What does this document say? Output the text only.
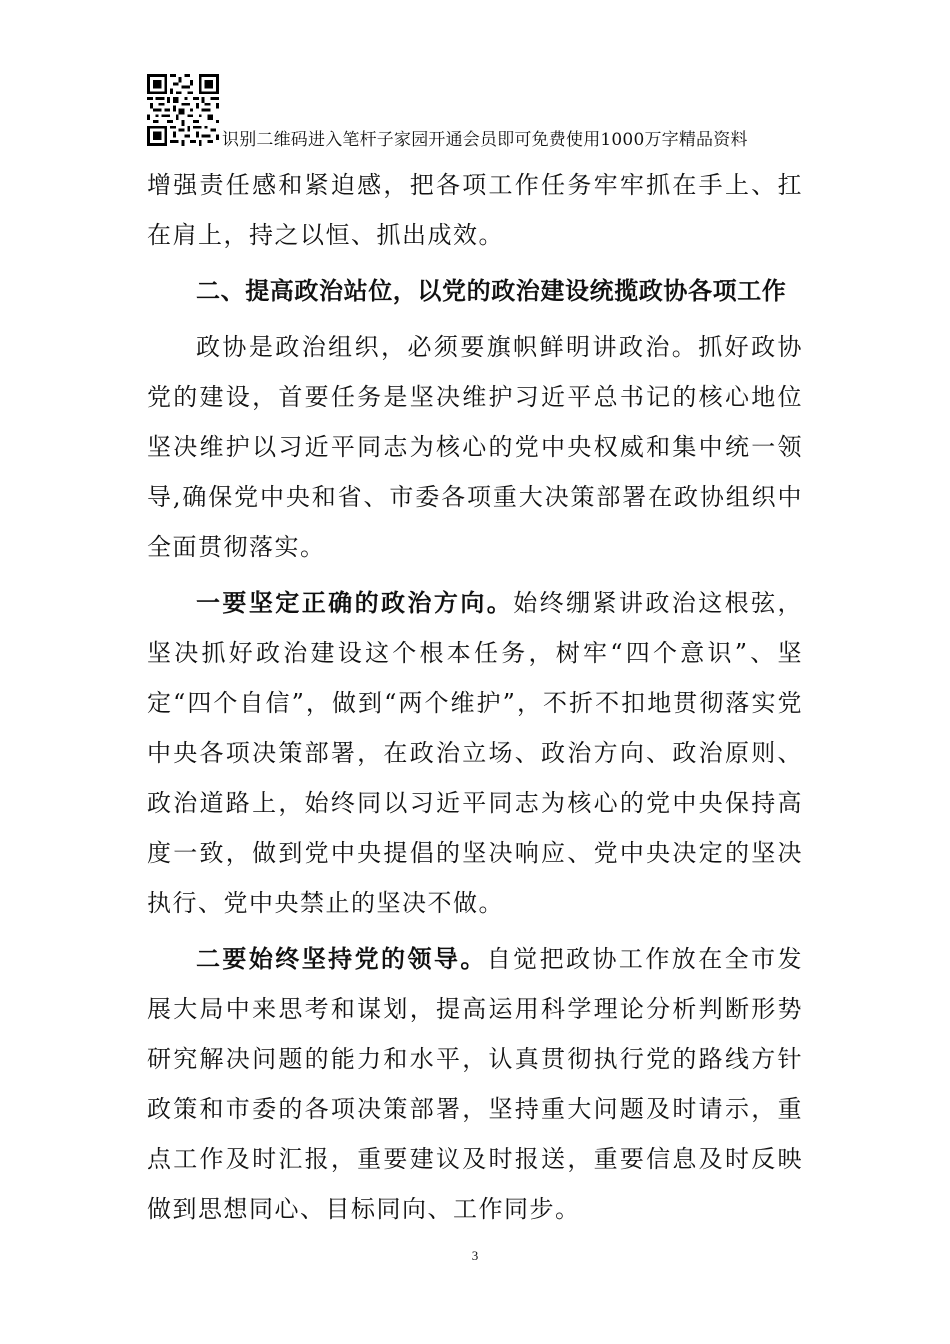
识别二维码进入笔杆子家园开通会员即可免费使用1000万字精品资料

增强责任感和紧迫感，把各项工作任务牢牢抓在手上、扛在肩上，持之以恒、抓出成效。

二、提高政治站位，以党的政治建设统揽政协各项工作

政协是政治组织，必须要旗帜鲜明讲政治。抓好政协党的建设，首要任务是坚决维护习近平总书记的核心地位坚决维护以习近平同志为核心的党中央权威和集中统一领导,确保党中央和省、市委各项重大决策部署在政协组织中全面贯彻落实。

一要坚定正确的政治方向。始终绷紧讲政治这根弦，坚决抓好政治建设这个根本任务，树牢“四个意识”、坚定“四个自信”，做到“两个维护”，不折不扣地贯彻落实党中央各项决策部署，在政治立场、政治方向、政治原则、政治道路上，始终同以习近平同志为核心的党中央保持高度一致，做到党中央提倡的坚决响应、党中央决定的坚决执行、党中央禁止的坚决不做。

二要始终坚持党的领导。自觉把政协工作放在全市发展大局中来思考和谋划，提高运用科学理论分析判断形势研究解决问题的能力和水平，认真贯彻执行党的路线方针政策和市委的各项决策部署，坚持重大问题及时请示，重点工作及时汇报，重要建议及时报送，重要信息及时反映做到思想同心、目标同向、工作同步。

3
